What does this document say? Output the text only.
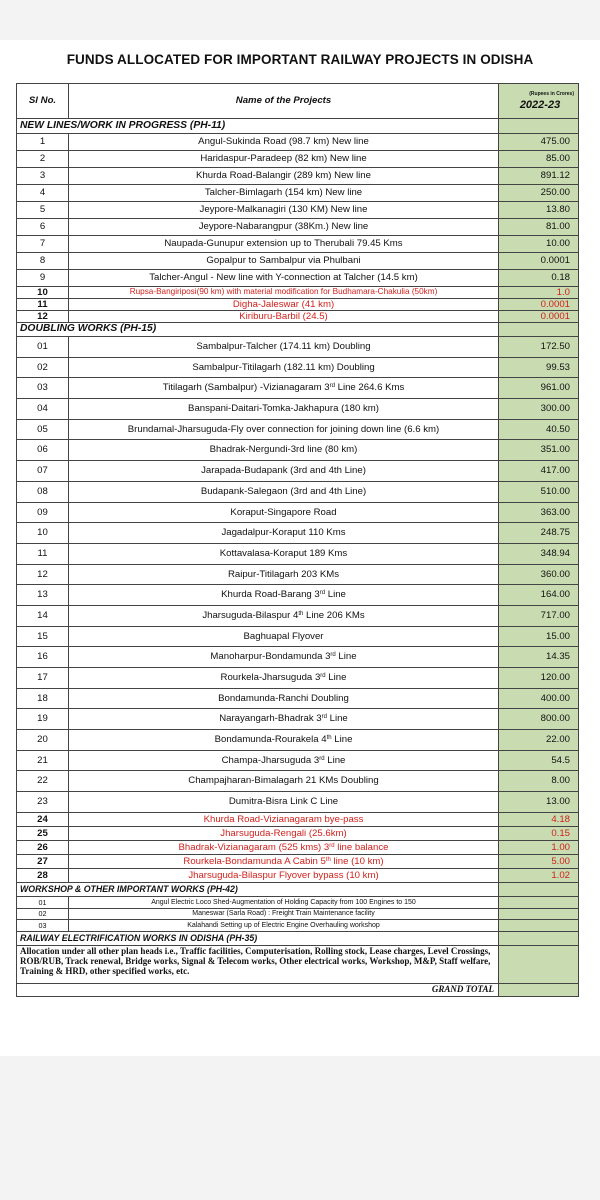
FUNDS ALLOCATED FOR IMPORTANT RAILWAY PROJECTS IN ODISHA
Sl No.	Name of the Projects	(Rupees in Crores)
2022-23

NEW LINES/WORK IN PROGRESS (PH-11)		
1	Angul-Sukinda Road (98.7 km) New line	475.00
2	Haridaspur-Paradeep (82 km) New line	85.00
3	Khurda Road-Balangir (289 km) New line	891.12
4	Talcher-Bimlagarh (154 km) New line	250.00
5	Jeypore-Malkanagiri (130 KM) New line	13.80
6	Jeypore-Nabarangpur (38Km.) New line	81.00
7	Naupada-Gunupur extension up to Therubali 79.45 Kms	10.00
8	Gopalpur to Sambalpur via Phulbani	0.0001
9	Talcher-Angul - New line with Y-connection at Talcher (14.5 km)	0.18
10	Rupsa-Bangiriposi(90 km) with material modification for Budhamara-Chakulia (50km)	1.0
11	Digha-Jaleswar (41 km)	0.0001
12	Kiriburu-Barbil (24.5)	0.0001
DOUBLING WORKS (PH-15)		
01	Sambalpur-Talcher (174.11 km) Doubling	172.50
02	Sambalpur-Titilagarh (182.11 km) Doubling	99.53
03	Titilagarh (Sambalpur) -Vizianagaram 3rd Line 264.6 Kms	961.00
04	Banspani-Daitari-Tomka-Jakhapura (180 km)	300.00
05	Brundamal-Jharsuguda-Fly over connection for joining down line (6.6 km)	40.50
06	Bhadrak-Nergundi-3rd line (80 km)	351.00
07	Jarapada-Budapank (3rd and 4th Line)	417.00
08	Budapank-Salegaon (3rd and 4th Line)	510.00
09	Koraput-Singapore Road	363.00
10	Jagadalpur-Koraput 110 Kms	248.75
11	Kottavalasa-Koraput 189 Kms	348.94
12	Raipur-Titilagarh 203 KMs	360.00
13	Khurda Road-Barang 3rd Line	164.00
14	Jharsuguda-Bilaspur 4th Line 206 KMs	717.00
15	Baghuapal Flyover	15.00
16	Manoharpur-Bondamunda 3rd Line	14.35
17	Rourkela-Jharsuguda 3rd Line	120.00
18	Bondamunda-Ranchi Doubling	400.00
19	Narayangarh-Bhadrak 3rd Line	800.00
20	Bondamunda-Rourakela 4th Line	22.00
21	Champa-Jharsuguda 3rd Line	54.5
22	Champajharan-Bimalagarh 21 KMs Doubling	8.00
23	Dumitra-Bisra Link C Line	13.00
24	Khurda Road-Vizianagaram bye-pass	4.18
25	Jharsuguda-Rengali (25.6km)	0.15
26	Bhadrak-Vizianagaram (525 kms) 3rd line balance	1.00
27	Rourkela-Bondamunda A Cabin 5th line (10 km)	5.00
28	Jharsuguda-Bilaspur Flyover bypass (10 km)	1.02
WORKSHOP & OTHER IMPORTANT WORKS (PH-42)		
01	Angul Electric Loco Shed-Augmentation of Holding Capacity from 100 Engines to 150	
02	Maneswar (Sarla Road) : Freight Train Maintenance facility	
03	Kalahandi Setting up of Electric Engine Overhauling workshop	
RAILWAY ELECTRIFICATION WORKS IN ODISHA (PH-35)		
Allocation under all other plan heads i.e., Traffic facilities, Computerisation, Rolling stock, Lease charges, Level Crossings, ROB/RUB, Track renewal, Bridge works, Signal & Telecom works, Other electrical works, Workshop, M&P, Staff welfare, Training & HRD, other specified works, etc.		
GRAND TOTAL		
